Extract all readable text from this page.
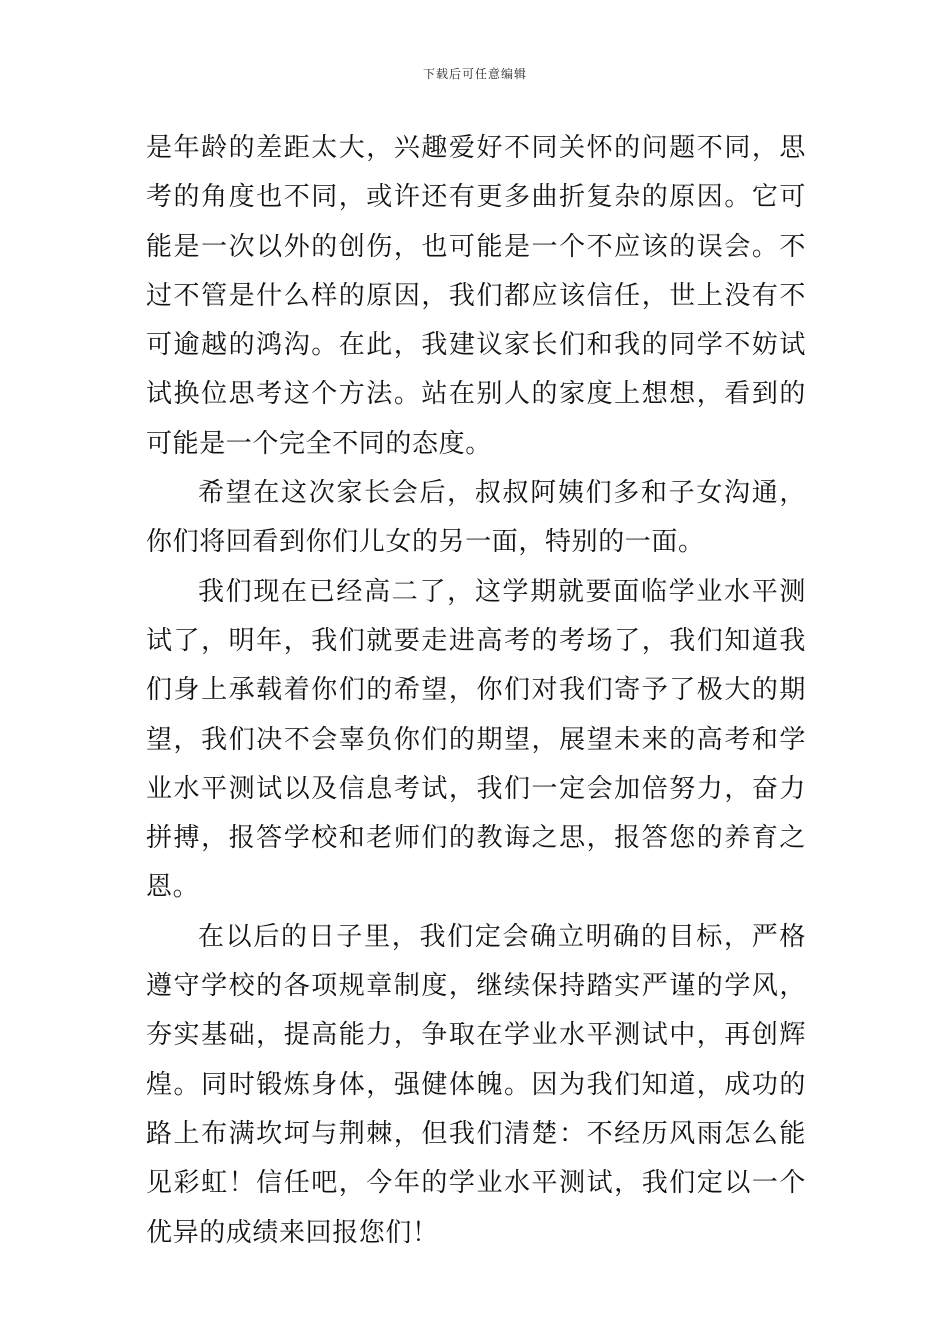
下载后可任意编辑

是年龄的差距太大，兴趣爱好不同关怀的问题不同，思考的角度也不同，或许还有更多曲折复杂的原因。它可能是一次以外的创伤，也可能是一个不应该的误会。不过不管是什么样的原因，我们都应该信任，世上没有不可逾越的鸿沟。在此，我建议家长们和我的同学不妨试试换位思考这个方法。站在别人的家度上想想，看到的可能是一个完全不同的态度。

希望在这次家长会后，叔叔阿姨们多和子女沟通，你们将回看到你们儿女的另一面，特别的一面。

我们现在已经高二了，这学期就要面临学业水平测试了，明年，我们就要走进高考的考场了，我们知道我们身上承载着你们的希望，你们对我们寄予了极大的期望，我们决不会辜负你们的期望，展望未来的高考和学业水平测试以及信息考试，我们一定会加倍努力，奋力拼搏，报答学校和老师们的教诲之思，报答您的养育之恩。

在以后的日子里，我们定会确立明确的目标，严格遵守学校的各项规章制度，继续保持踏实严谨的学风，夯实基础，提高能力，争取在学业水平测试中，再创辉煌。同时锻炼身体，强健体魄。因为我们知道，成功的路上布满坎坷与荆棘，但我们清楚：不经历风雨怎么能见彩虹！信任吧，今年的学业水平测试，我们定以一个优异的成绩来回报您们！
